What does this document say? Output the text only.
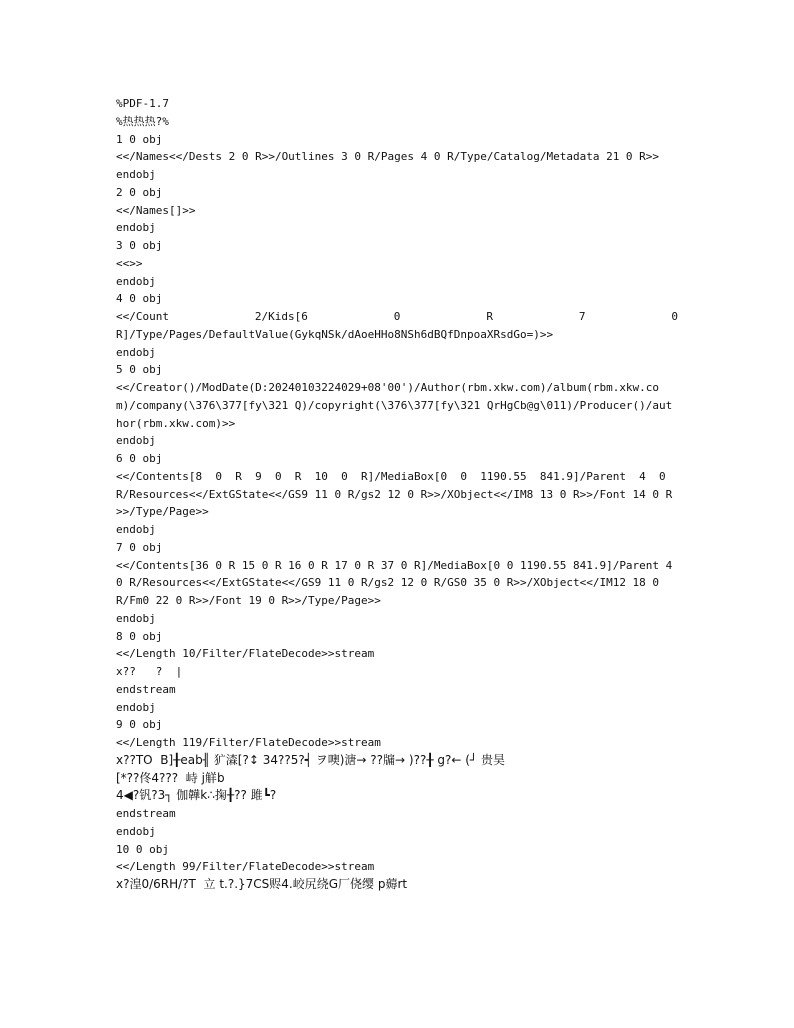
%PDF-1.7
%热热热?%
1 0 obj
<</Names<</Dests 2 0 R>>/Outlines 3 0 R/Pages 4 0 R/Type/Catalog/Metadata 21 0 R>>
endobj
2 0 obj
<</Names[]>>
endobj
3 0 obj
<<>>
endobj
4 0 obj
<</Count	2/Kids[6	0	R	7	0
R]/Type/Pages/DefaultValue(GykqNSk/dAoeHHo8NSh6dBQfDnpoaXRsdGo=)>>
endobj
5 0 obj
<</Creator()/ModDate(D:20240103224029+08'00')/Author(rbm.xkw.com)/album(rbm.xkw.com)/company(\376\377[fy\321 Q)/copyright(\376\377[fy\321 QrHgCb@g\011)/Producer()/author(rbm.xkw.com)>>
endobj
6 0 obj
<</Contents[8  0  R  9  0  R  10  0  R]/MediaBox[0  0  1190.55  841.9]/Parent  4  0 R/Resources<</ExtGState<</GS9 11 0 R/gs2 12 0 R>>/XObject<</IM8 13 0 R>>/Font 14 0 R>>/Type/Page>>
endobj
7 0 obj
<</Contents[36 0 R 15 0 R 16 0 R 17 0 R 37 0 R]/MediaBox[0 0 1190.55 841.9]/Parent 4 0 R/Resources<</ExtGState<</GS9 11 0 R/gs2 12 0 R/GS0 35 0 R>>/XObject<</IM12 18 0 R/Fm0 22 0 R>>/Font 19 0 R>>/Type/Page>>
endobj
8 0 obj
<</Length 10/Filter/FlateDecode>>stream
x??   ?  |
endstream
endobj
9 0 obj
<</Length 119/Filter/FlateDecode>>stream
x??TO  B]╂eab╢ 犷潹[?↕ 34??5?┥ ヲ噢)溏→ ??牖→ )??╂ g?← (┘ 贵昊
[*??佟4???  峙 j觧b
4◀?钒?3┐ 伽韡k∴掬╂?? 雎┗?
endstream
endobj
10 0 obj
<</Length 99/Filter/FlateDecode>>stream
x?湟0/6RH/?T  立 t.?.}7CS赆4.峧尻绕G厂侥缨 p薅rt
